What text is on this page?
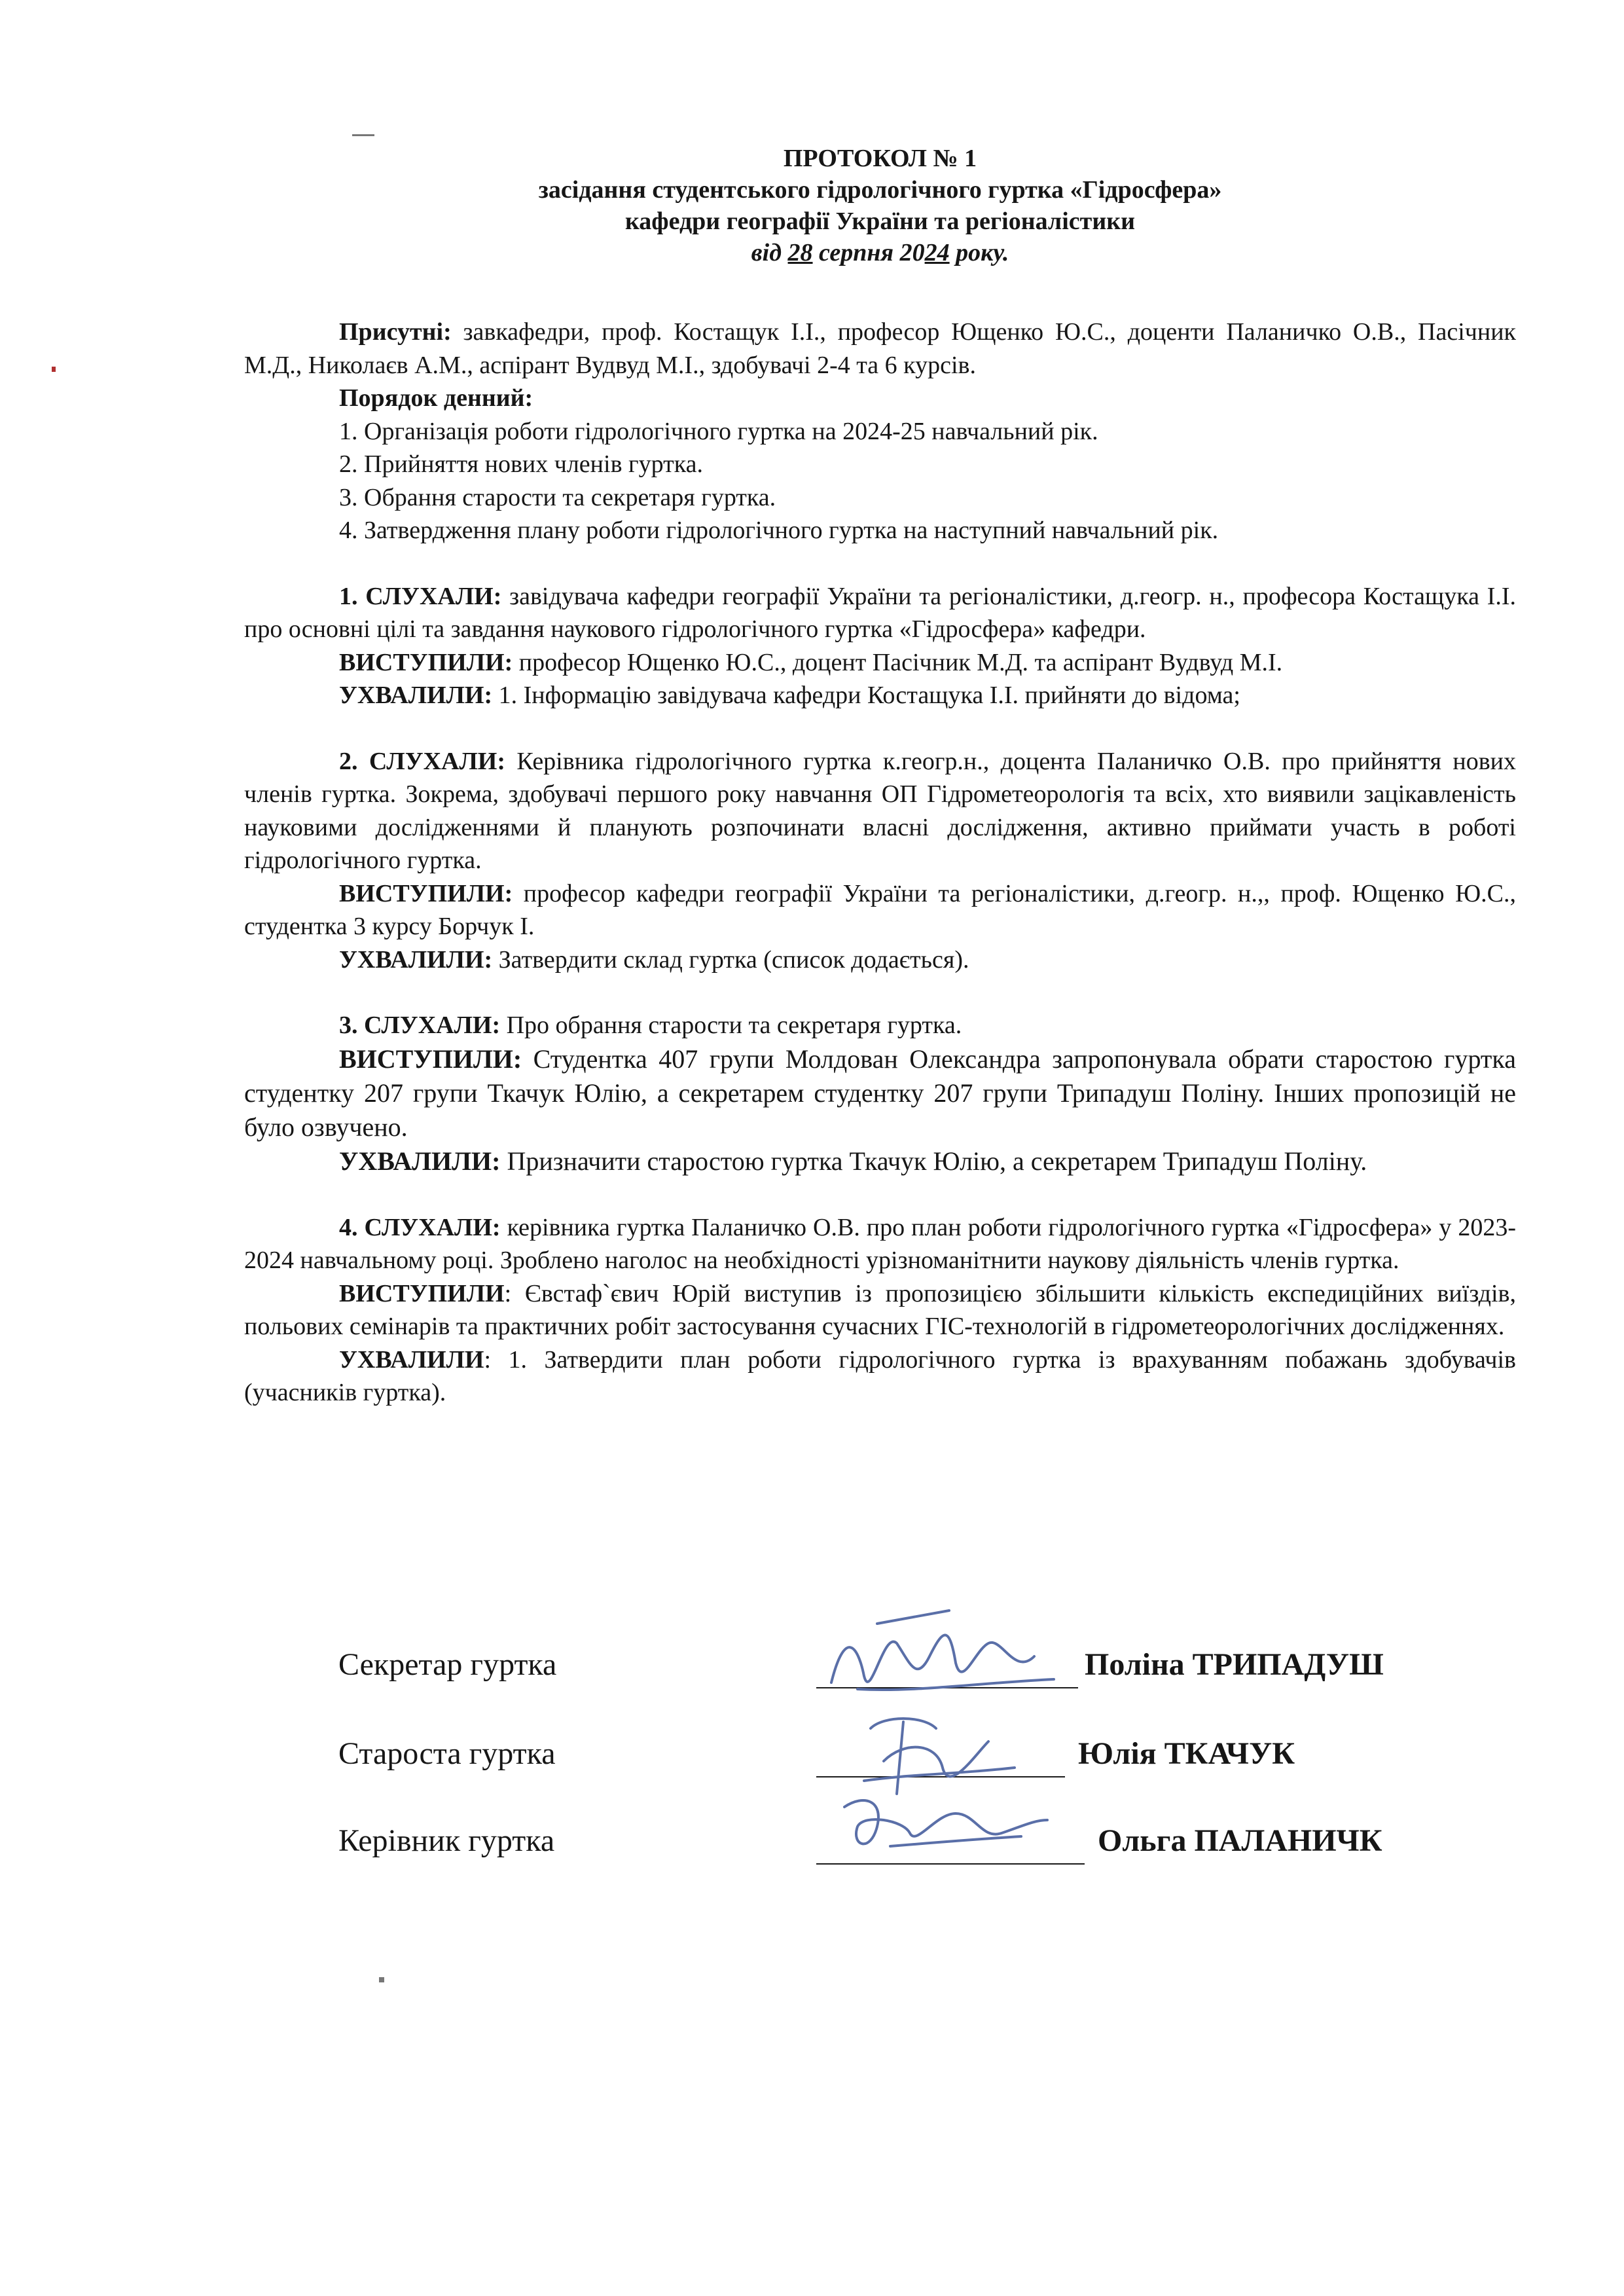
ПРОТОКОЛ № 1
засідання студентського гідрологічного гуртка «Гідросфера»
кафедри географії України та регіоналістики
від 28 серпня 2024 року.

Присутні: завкафедри, проф. Костащук І.І., професор Ющенко Ю.С., доценти Паланичко О.В., Пасічник М.Д., Николаєв А.М., аспірант Вудвуд М.І., здобувачі 2-4 та 6 курсів.

Порядок денний:

1. Організація роботи гідрологічного гуртка на 2024-25 навчальний рік.

2. Прийняття нових членів гуртка.

3. Обрання старости та секретаря гуртка.

4. Затвердження плану роботи гідрологічного гуртка на наступний навчальний рік.

1. СЛУХАЛИ: завідувача кафедри географії України та регіоналістики, д.геогр. н., професора Костащука І.І. про основні цілі та завдання наукового гідрологічного гуртка «Гідросфера» кафедри.

ВИСТУПИЛИ: професор Ющенко Ю.С., доцент Пасічник М.Д. та аспірант Вудвуд М.І.

УХВАЛИЛИ: 1. Інформацію завідувача кафедри Костащука І.І. прийняти до відома;

2. СЛУХАЛИ: Керівника гідрологічного гуртка к.геогр.н., доцента Паланичко О.В. про прийняття нових членів гуртка. Зокрема, здобувачі першого року навчання ОП Гідрометеорологія та всіх, хто виявили зацікавленість науковими дослідженнями й планують розпочинати власні дослідження, активно приймати участь в роботі гідрологічного гуртка.

ВИСТУПИЛИ: професор кафедри географії України та регіоналістики, д.геогр. н.,, проф. Ющенко Ю.С., студентка 3 курсу Борчук І.

УХВАЛИЛИ: Затвердити склад гуртка (список додається).

3. СЛУХАЛИ: Про обрання старости та секретаря гуртка.

ВИСТУПИЛИ: Студентка 407 групи Молдован Олександра запропонувала обрати старостою гуртка студентку 207 групи Ткачук Юлію, а секретарем студентку 207 групи Трипадуш Поліну. Інших пропозицій не було озвучено.

УХВАЛИЛИ: Призначити старостою гуртка Ткачук Юлію, а секретарем Трипадуш Поліну.

4. СЛУХАЛИ: керівника гуртка Паланичко О.В. про план роботи гідрологічного гуртка «Гідросфера» у 2023-2024 навчальному році. Зроблено наголос на необхідності урізноманітнити наукову діяльність членів гуртка.

ВИСТУПИЛИ: Євстаф`євич Юрій виступив із пропозицією збільшити кількість експедиційних виїздів, польових семінарів та практичних робіт застосування сучасних ГІС-технологій в гідрометеорологічних дослідженнях.

УХВАЛИЛИ: 1. Затвердити план роботи гідрологічного гуртка із врахуванням побажань здобувачів (учасників гуртка).

Секретар гуртка	Поліна ТРИПАДУШ
Староста гуртка	Юлія ТКАЧУК
Керівник гуртка	Ольга ПАЛАНИЧК
